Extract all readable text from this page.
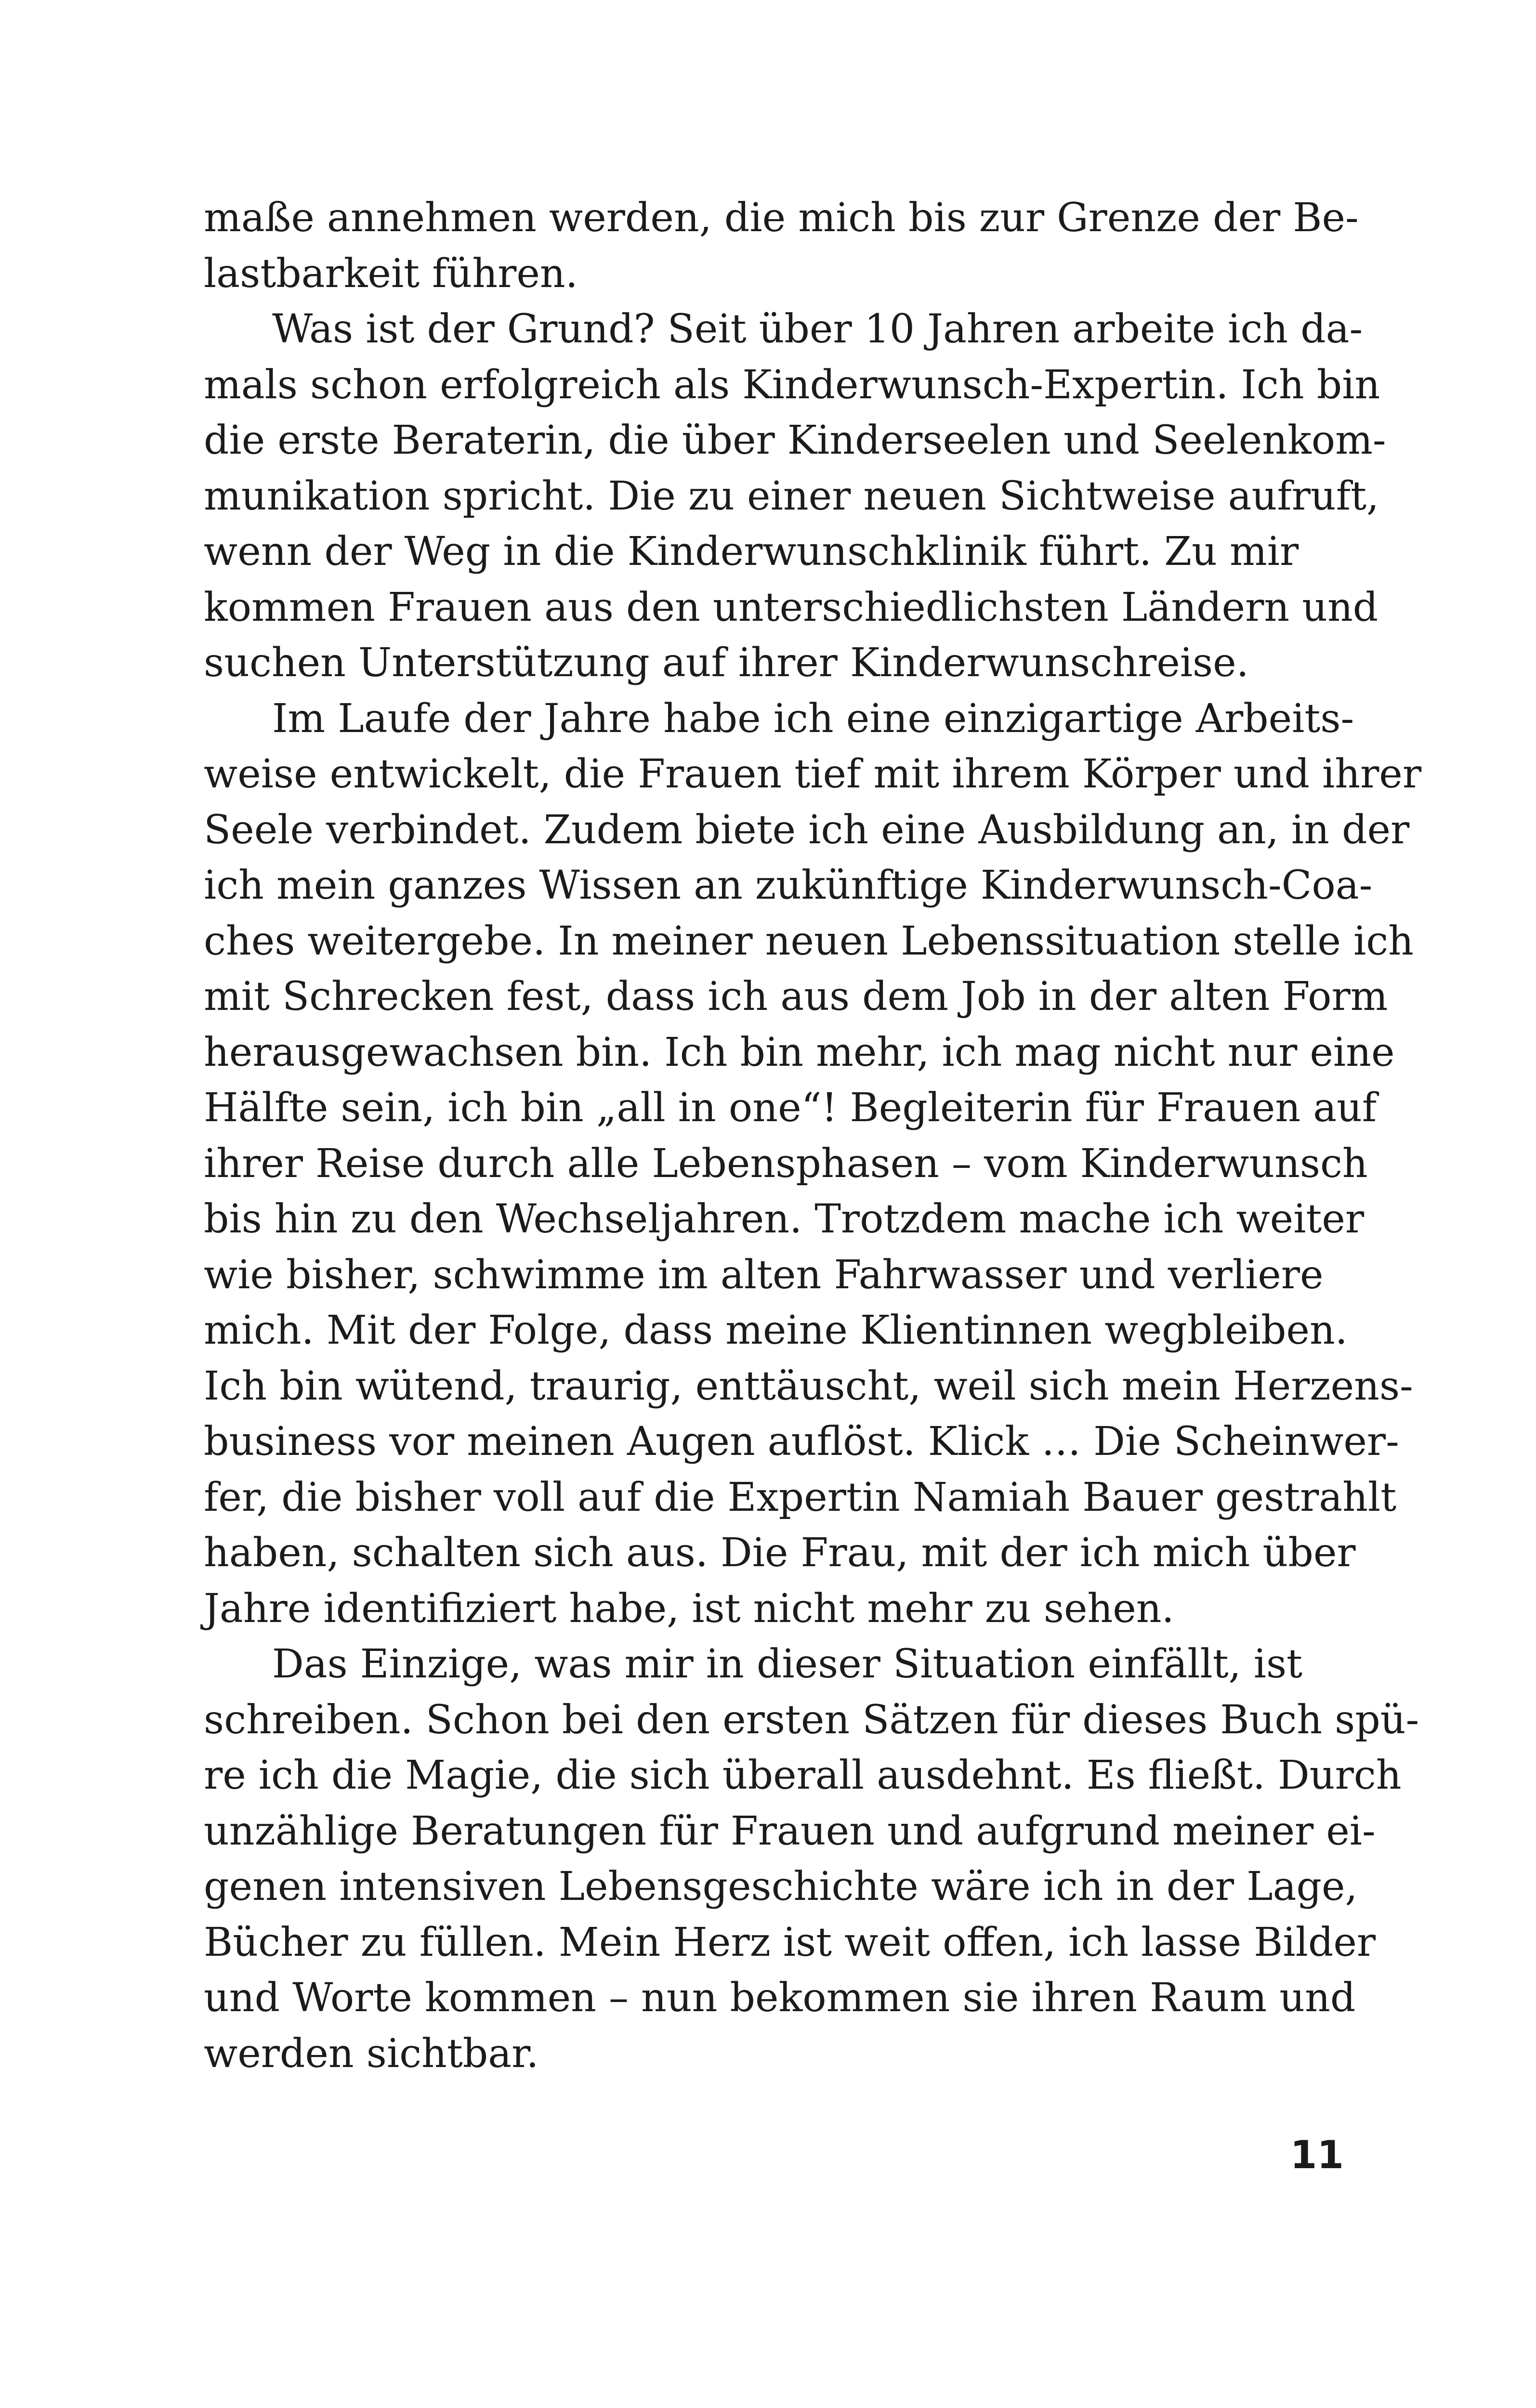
maße annehmen werden, die mich bis zur Grenze der Be-
lastbarkeit führen.
Was ist der Grund? Seit über 10 Jahren arbeite ich da-
mals schon erfolgreich als Kinderwunsch-Expertin. Ich bin
die erste Beraterin, die über Kinderseelen und Seelenkom-
munikation spricht. Die zu einer neuen Sichtweise aufruft,
wenn der Weg in die Kinderwunschklinik führt. Zu mir
kommen Frauen aus den unterschiedlichsten Ländern und
suchen Unterstützung auf ihrer Kinderwunschreise.
Im Laufe der Jahre habe ich eine einzigartige Arbeits-
weise entwickelt, die Frauen tief mit ihrem Körper und ihrer
Seele verbindet. Zudem biete ich eine Ausbildung an, in der
ich mein ganzes Wissen an zukünftige Kinderwunsch-Coa-
ches weitergebe. In meiner neuen Lebenssituation stelle ich
mit Schrecken fest, dass ich aus dem Job in der alten Form
herausgewachsen bin. Ich bin mehr, ich mag nicht nur eine
Hälfte sein, ich bin „all in one“! Begleiterin für Frauen auf
ihrer Reise durch alle Lebensphasen – vom Kinderwunsch
bis hin zu den Wechseljahren. Trotzdem mache ich weiter
wie bisher, schwimme im alten Fahrwasser und verliere
mich. Mit der Folge, dass meine Klientinnen wegbleiben.
Ich bin wütend, traurig, enttäuscht, weil sich mein Herzens-
business vor meinen Augen auflöst. Klick … Die Scheinwer-
fer, die bisher voll auf die Expertin Namiah Bauer gestrahlt
haben, schalten sich aus. Die Frau, mit der ich mich über
Jahre identifiziert habe, ist nicht mehr zu sehen.
Das Einzige, was mir in dieser Situation einfällt, ist
schreiben. Schon bei den ersten Sätzen für dieses Buch spü-
re ich die Magie, die sich überall ausdehnt. Es fließt. Durch
unzählige Beratungen für Frauen und aufgrund meiner ei-
genen intensiven Lebensgeschichte wäre ich in der Lage,
Bücher zu füllen. Mein Herz ist weit offen, ich lasse Bilder
und Worte kommen – nun bekommen sie ihren Raum und
werden sichtbar.
11
